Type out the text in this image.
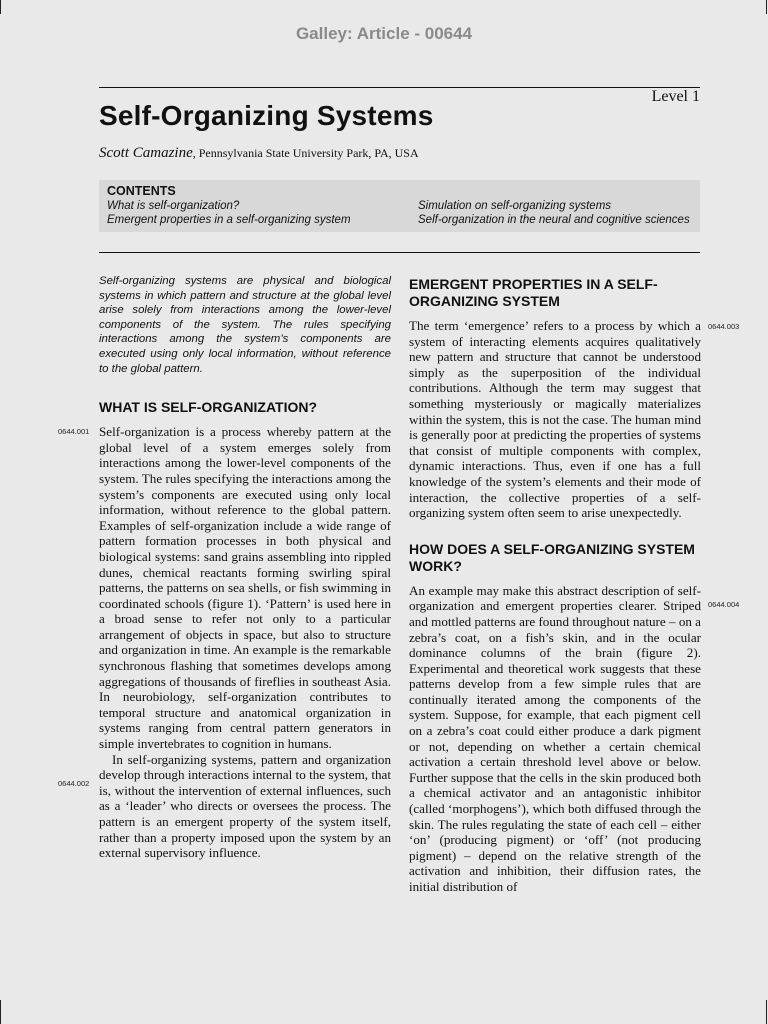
Galley: Article - 00644
Level 1
Self-Organizing Systems
Scott Camazine, Pennsylvania State University Park, PA, USA
CONTENTS
What is self-organization?
Emergent properties in a self-organizing system
Simulation on self-organizing systems
Self-organization in the neural and cognitive sciences

Self-organizing systems are physical and biological systems in which pattern and structure at the global level arise solely from interactions among the lower-level components of the system. The rules specifying interactions among the system’s components are executed using only local information, without reference to the global pattern.

WHAT IS SELF-ORGANIZATION?

Self-organization is a process whereby pattern at the global level of a system emerges solely from interactions among the lower-level components of the system. The rules specifying the interactions among the system’s components are executed using only local information, without reference to the global pattern. Examples of self-organization include a wide range of pattern formation processes in both physical and biological systems: sand grains assembling into rippled dunes, chemical reactants forming swirling spiral patterns, the patterns on sea shells, or fish swimming in coordinated schools (figure 1). ‘Pattern’ is used here in a broad sense to refer not only to a particular arrangement of objects in space, but also to structure and organization in time. An example is the remarkable synchronous flashing that sometimes develops among aggregations of thousands of fireflies in southeast Asia. In neurobiology, self-organization contributes to temporal structure and anatomical organization in systems ranging from central pattern generators in simple invertebrates to cognition in humans.

In self-organizing systems, pattern and organization develop through interactions internal to the system, that is, without the intervention of external influences, such as a ‘leader’ who directs or oversees the process. The pattern is an emergent property of the system itself, rather than a property imposed upon the system by an external supervisory influence.

EMERGENT PROPERTIES IN A SELF-ORGANIZING SYSTEM

The term ‘emergence’ refers to a process by which a system of interacting elements acquires qualitatively new pattern and structure that cannot be understood simply as the superposition of the individual contributions. Although the term may suggest that something mysteriously or magically materializes within the system, this is not the case. The human mind is generally poor at predicting the properties of systems that consist of multiple components with complex, dynamic interactions. Thus, even if one has a full knowledge of the system’s elements and their mode of interaction, the collective properties of a self-organizing system often seem to arise unexpectedly.

HOW DOES A SELF-ORGANIZING SYSTEM WORK?

An example may make this abstract description of self-organization and emergent properties clearer. Striped and mottled patterns are found throughout nature – on a zebra’s coat, on a fish’s skin, and in the ocular dominance columns of the brain (figure 2). Experimental and theoretical work suggests that these patterns develop from a few simple rules that are continually iterated among the components of the system. Suppose, for example, that each pigment cell on a zebra’s coat could either produce a dark pigment or not, depending on whether a certain chemical activation a certain threshold level above or below. Further suppose that the cells in the skin produced both a chemical activator and an antagonistic inhibitor (called ‘morphogens’), which both diffused through the skin. The rules regulating the state of each cell – either ‘on’ (producing pigment) or ‘off’ (not producing pigment) – depend on the relative strength of the activation and inhibition, their diffusion rates, the initial distribution of

0644.001
0644.002
0644.003
0644.004
